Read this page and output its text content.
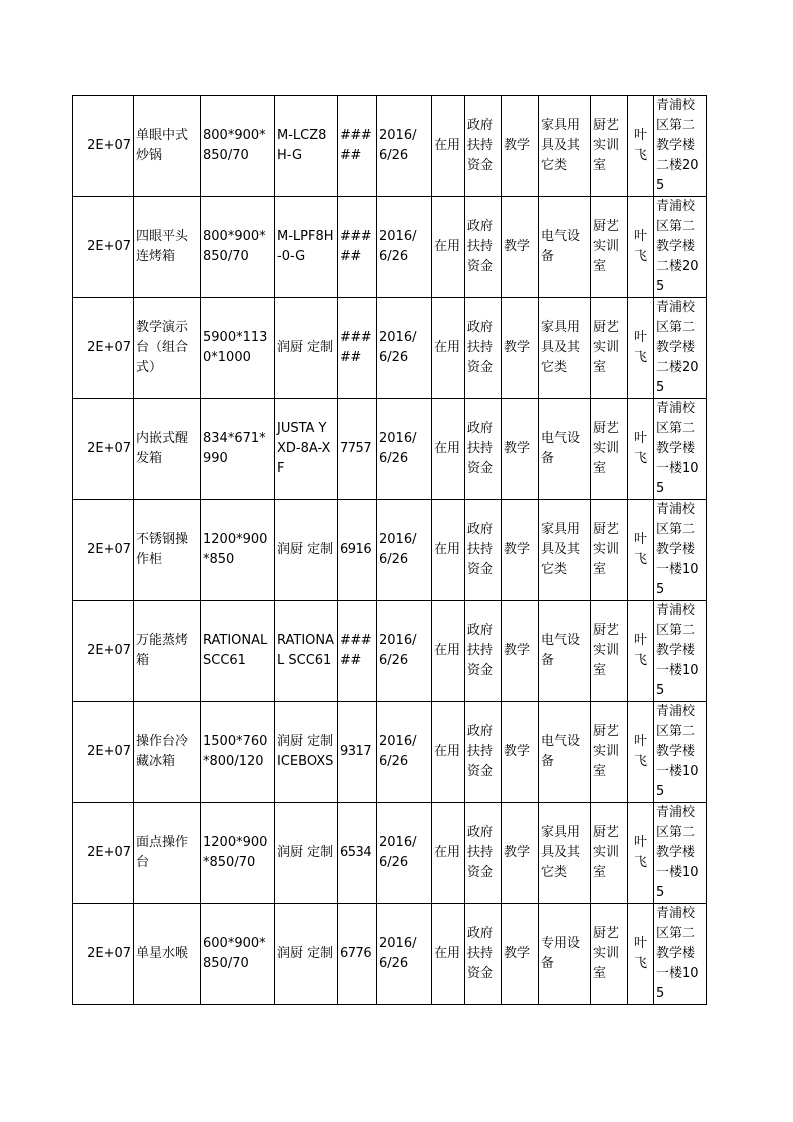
2E+07	单眼中式炒锅	800*900*850/70	M-LCZ8H-G	#####	2016/6/26	在用	政府扶持资金	教学	家具用具及其它类	厨艺实训室	叶飞	青浦校区第二教学楼二楼205
2E+07	四眼平头连烤箱	800*900*850/70	M-LPF8H-0-G	#####	2016/6/26	在用	政府扶持资金	教学	电气设备	厨艺实训室	叶飞	青浦校区第二教学楼二楼205
2E+07	教学演示台（组合式）	5900*1130*1000	润厨 定制	#####	2016/6/26	在用	政府扶持资金	教学	家具用具及其它类	厨艺实训室	叶飞	青浦校区第二教学楼二楼205
2E+07	内嵌式醒发箱	834*671*990	JUSTA YXD-8A-XF	7757	2016/6/26	在用	政府扶持资金	教学	电气设备	厨艺实训室	叶飞	青浦校区第二教学楼一楼105
2E+07	不锈钢操作柜	1200*900*850	润厨 定制	6916	2016/6/26	在用	政府扶持资金	教学	家具用具及其它类	厨艺实训室	叶飞	青浦校区第二教学楼一楼105
2E+07	万能蒸烤箱	RATIONAL SCC61	RATIONAL SCC61	#####	2016/6/26	在用	政府扶持资金	教学	电气设备	厨艺实训室	叶飞	青浦校区第二教学楼一楼105
2E+07	操作台冷藏冰箱	1500*760*800/120	润厨 定制 ICEBOXS	9317	2016/6/26	在用	政府扶持资金	教学	电气设备	厨艺实训室	叶飞	青浦校区第二教学楼一楼105
2E+07	面点操作台	1200*900*850/70	润厨 定制	6534	2016/6/26	在用	政府扶持资金	教学	家具用具及其它类	厨艺实训室	叶飞	青浦校区第二教学楼一楼105
2E+07	单星水喉	600*900*850/70	润厨 定制	6776	2016/6/26	在用	政府扶持资金	教学	专用设备	厨艺实训室	叶飞	青浦校区第二教学楼一楼105
